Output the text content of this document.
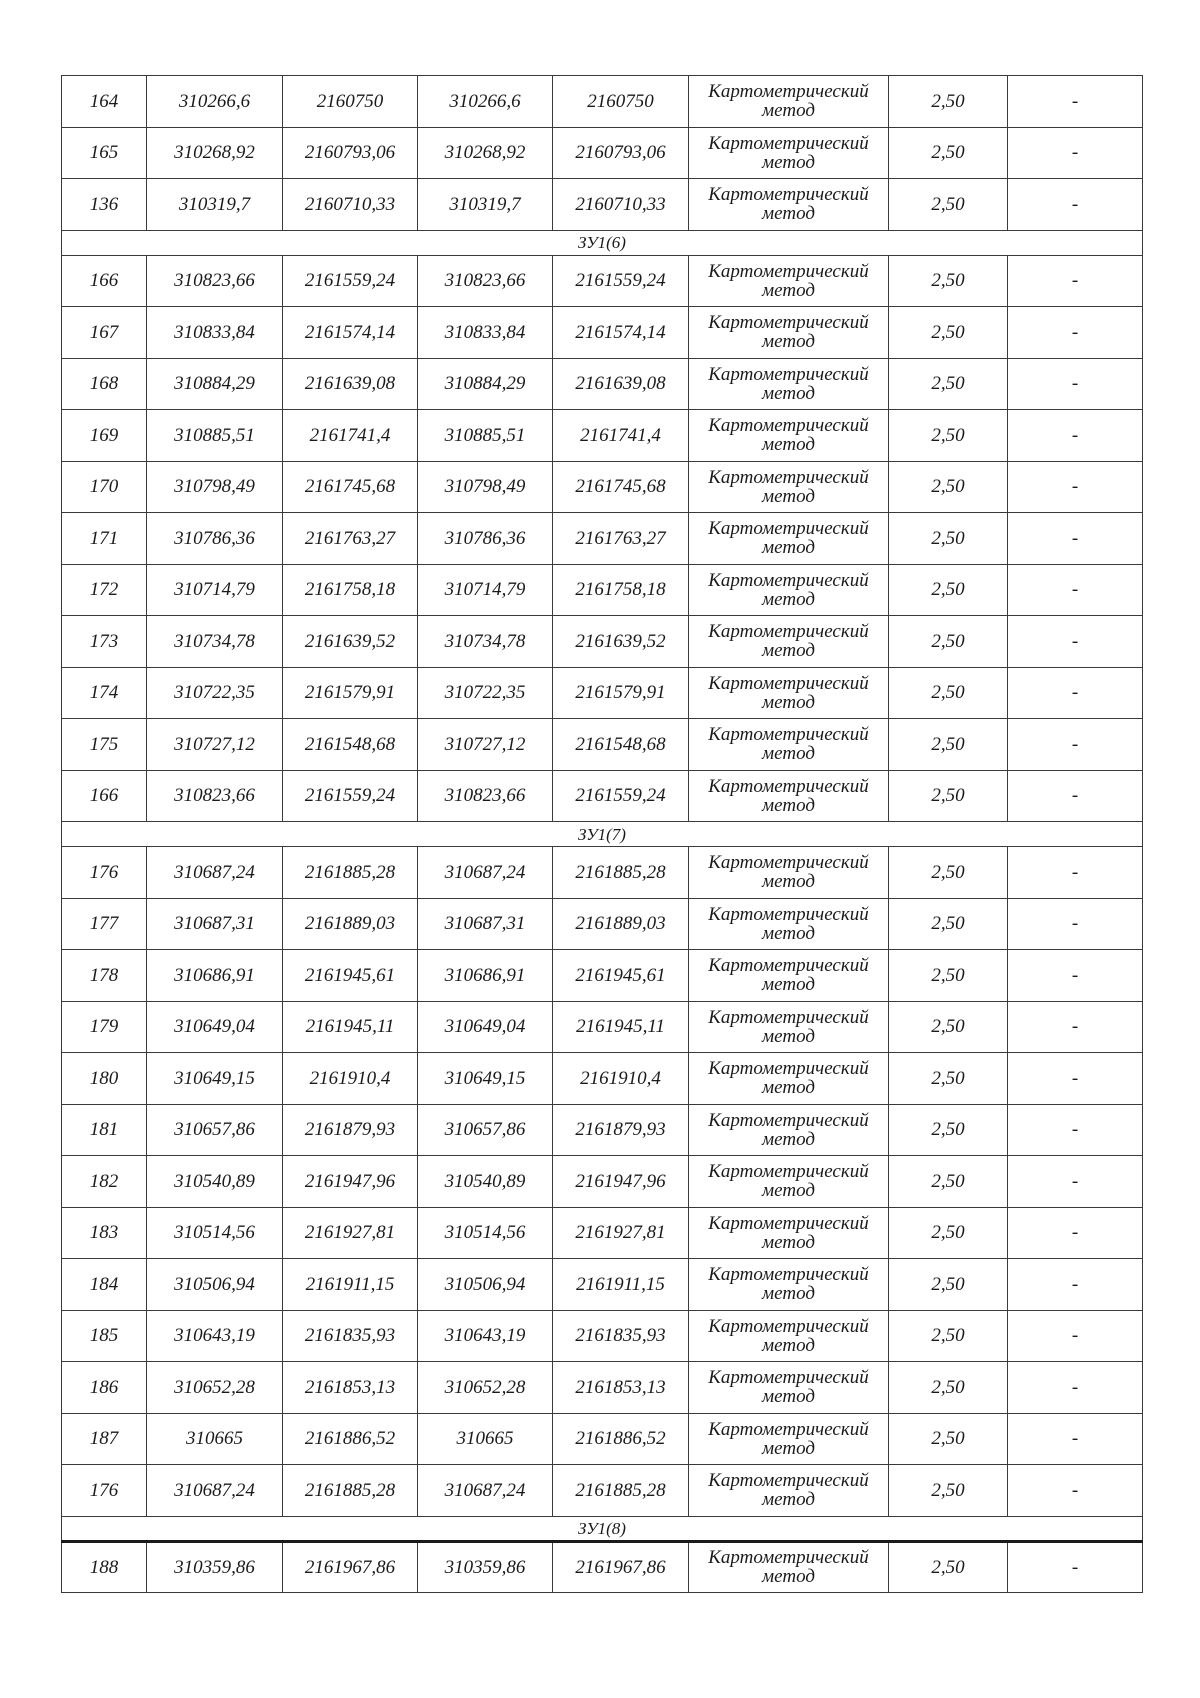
164	310266,6	2160750	310266,6	2160750	Картометрический
метод	2,50	-
165	310268,92	2160793,06	310268,92	2160793,06	Картометрический
метод	2,50	-
136	310319,7	2160710,33	310319,7	2160710,33	Картометрический
метод	2,50	-
ЗУ1(6)							
166	310823,66	2161559,24	310823,66	2161559,24	Картометрический
метод	2,50	-
167	310833,84	2161574,14	310833,84	2161574,14	Картометрический
метод	2,50	-
168	310884,29	2161639,08	310884,29	2161639,08	Картометрический
метод	2,50	-
169	310885,51	2161741,4	310885,51	2161741,4	Картометрический
метод	2,50	-
170	310798,49	2161745,68	310798,49	2161745,68	Картометрический
метод	2,50	-
171	310786,36	2161763,27	310786,36	2161763,27	Картометрический
метод	2,50	-
172	310714,79	2161758,18	310714,79	2161758,18	Картометрический
метод	2,50	-
173	310734,78	2161639,52	310734,78	2161639,52	Картометрический
метод	2,50	-
174	310722,35	2161579,91	310722,35	2161579,91	Картометрический
метод	2,50	-
175	310727,12	2161548,68	310727,12	2161548,68	Картометрический
метод	2,50	-
166	310823,66	2161559,24	310823,66	2161559,24	Картометрический
метод	2,50	-
ЗУ1(7)							
176	310687,24	2161885,28	310687,24	2161885,28	Картометрический
метод	2,50	-
177	310687,31	2161889,03	310687,31	2161889,03	Картометрический
метод	2,50	-
178	310686,91	2161945,61	310686,91	2161945,61	Картометрический
метод	2,50	-
179	310649,04	2161945,11	310649,04	2161945,11	Картометрический
метод	2,50	-
180	310649,15	2161910,4	310649,15	2161910,4	Картометрический
метод	2,50	-
181	310657,86	2161879,93	310657,86	2161879,93	Картометрический
метод	2,50	-
182	310540,89	2161947,96	310540,89	2161947,96	Картометрический
метод	2,50	-
183	310514,56	2161927,81	310514,56	2161927,81	Картометрический
метод	2,50	-
184	310506,94	2161911,15	310506,94	2161911,15	Картометрический
метод	2,50	-
185	310643,19	2161835,93	310643,19	2161835,93	Картометрический
метод	2,50	-
186	310652,28	2161853,13	310652,28	2161853,13	Картометрический
метод	2,50	-
187	310665	2161886,52	310665	2161886,52	Картометрический
метод	2,50	-
176	310687,24	2161885,28	310687,24	2161885,28	Картометрический
метод	2,50	-
ЗУ1(8)							
188	310359,86	2161967,86	310359,86	2161967,86	Картометрический
метод	2,50	-
